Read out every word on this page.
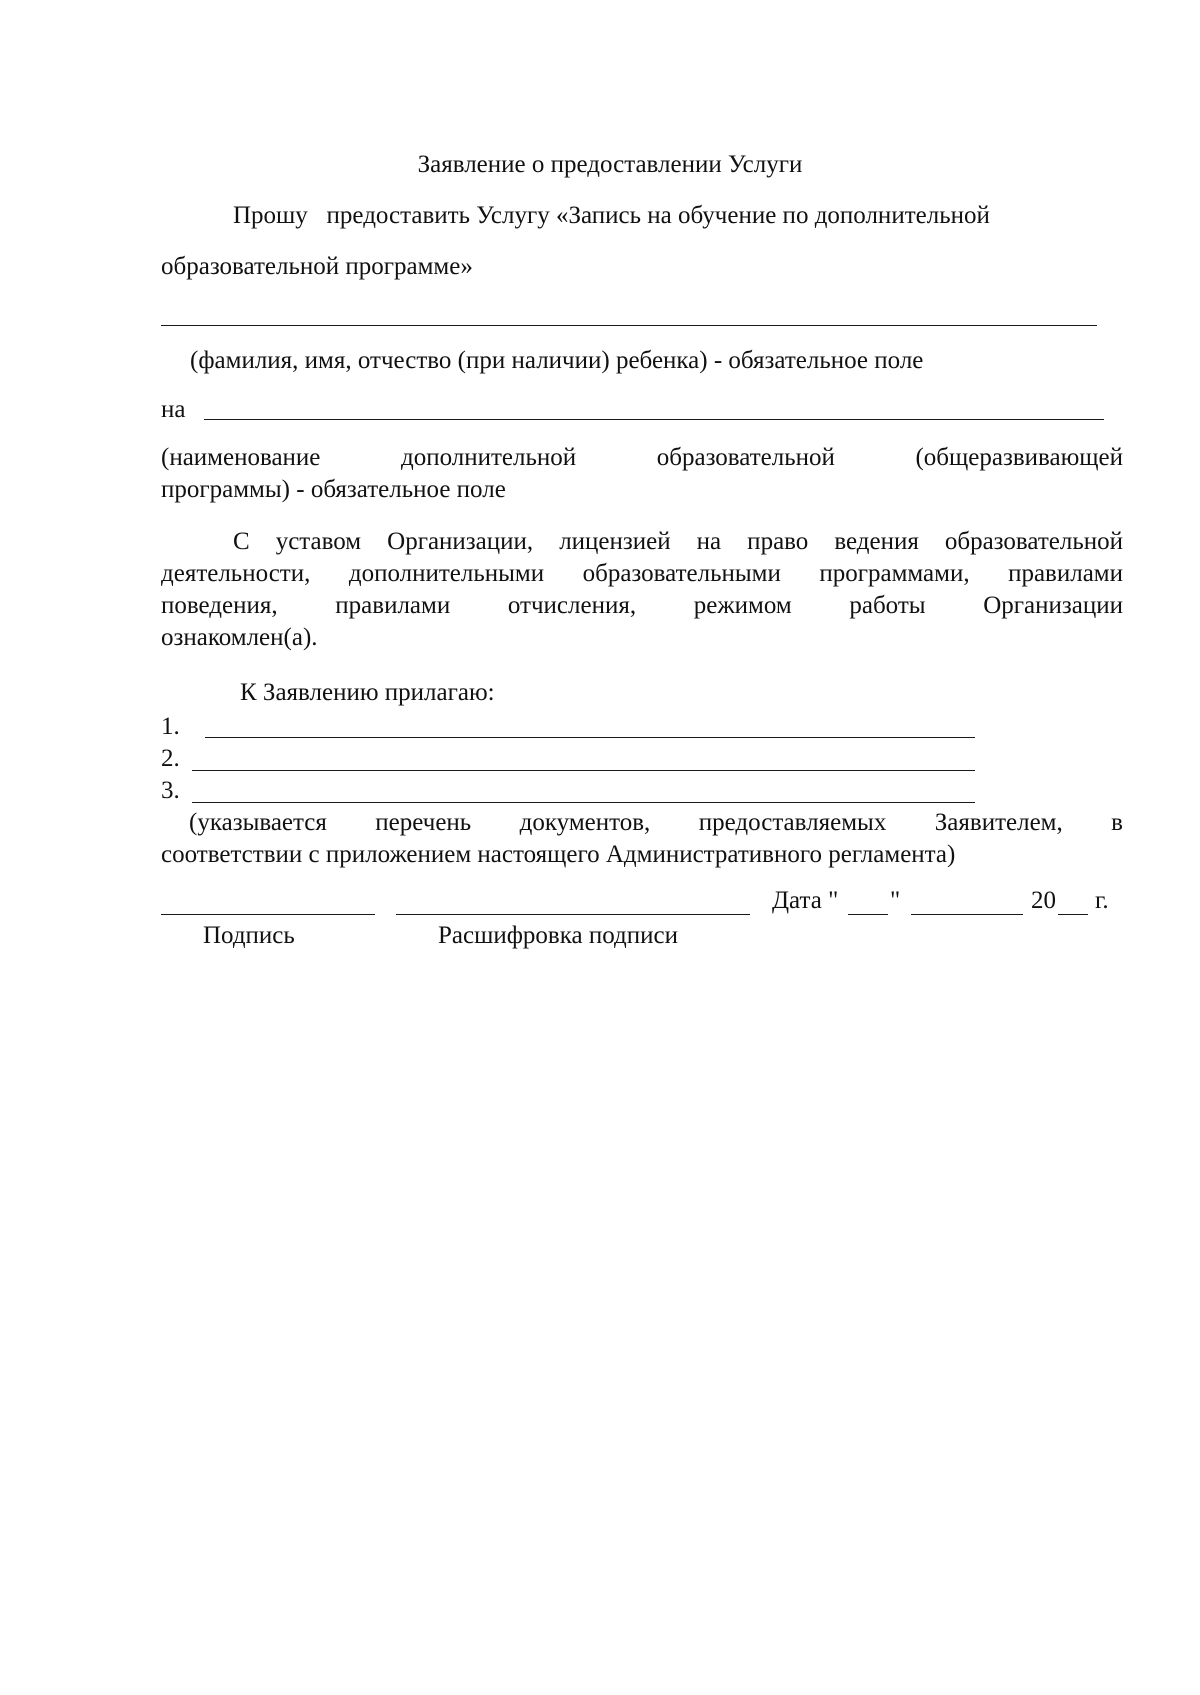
Заявление о предоставлении Услуги
Прошу   предоставить Услугу «Запись на обучение по дополнительной
образовательной программе»
(фамилия, имя, отчество (при наличии) ребенка) - обязательное поле
на
(наименование дополнительной образовательной (общеразвивающей
программы) - обязательное поле
С уставом Организации, лицензией на право ведения образовательной
деятельности, дополнительными образовательными программами, правилами
поведения, правилами отчисления, режимом работы Организации
ознакомлен(а).
К Заявлению прилагаю:
1.
2.
3.
(указывается перечень документов, предоставляемых Заявителем, в
соответствии с приложением настоящего Административного регламента)
Дата " "	20 г.
Подпись	Расшифровка подписи
